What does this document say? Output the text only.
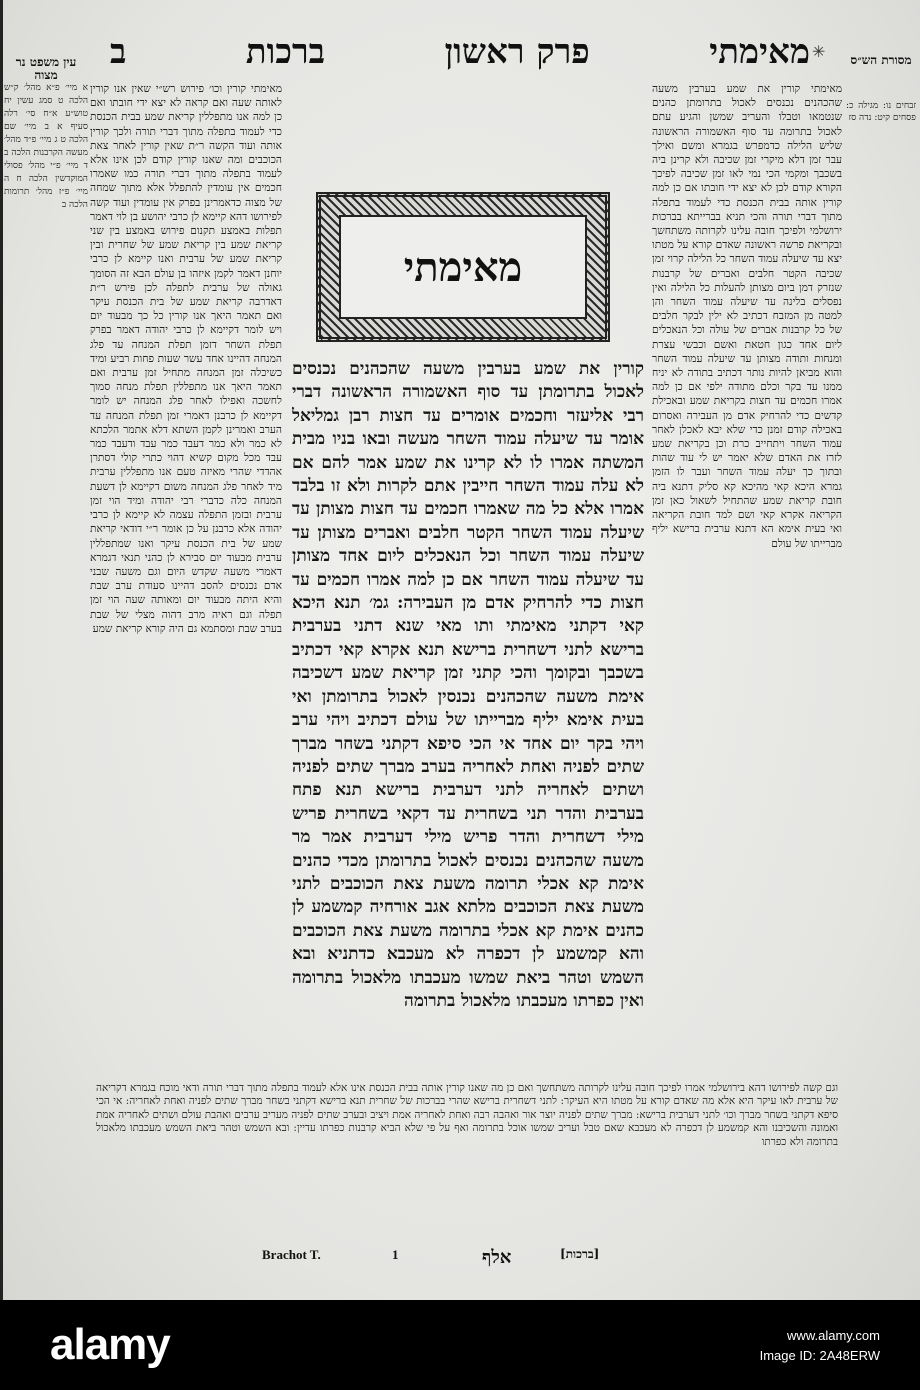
✳
מאימתי
פרק ראשון
ברכות
ב	מסורת הש״ס
עין משפט נר מצוה
זבחים נו: מגילה כ: פסחים קיט: נדה סז
מאימתי קורין את שמע בערבין משעה שהכהנים נכנסים לאכול בתרומתן כהנים שנטמאו וטבלו והעריב שמשן והגיע עתם לאכול בתרומה עד סוף האשמורה הראשונה שליש הלילה כדמפרש בגמרא ומשם ואילך עבר זמן דלא מיקרי זמן שכיבה ולא קרינן ביה בשכבך ומקמי הכי נמי לאו זמן שכיבה לפיכך הקורא קודם לכן לא יצא ידי חובתו אם כן למה קורין אותה בבית הכנסת כדי לעמוד בתפלה מתוך דברי תורה והכי תניא בברייתא בברכות ירושלמי ולפיכך חובה עלינו לקרותה משתחשך ובקריאת פרשה ראשונה שאדם קורא על מטתו יצא עד שיעלה עמוד השחר כל הלילה קרוי זמן שכיבה הקטר חלבים ואברים של קרבנות שנזרק דמן ביום מצותן להעלות כל הלילה ואין נפסלים בלינה עד שיעלה עמוד השחר והן למטה מן המזבח דכתיב לא ילין לבקר חלבים של כל קרבנות אברים של עולה וכל הנאכלים ליום אחד כגון חטאת ואשם וכבשי עצרת ומנחות ותודה מצותן עד שיעלה עמוד השחר והוא מביאן להיות נותר דכתיב בתודה לא יניח ממנו עד בקר וכלם מתודה ילפי אם כן למה אמרו חכמים עד חצות בקריאת שמע ובאכילת קדשים כדי להרחיק אדם מן העבירה ואסרום באכילה קודם זמנן כדי שלא יבא לאכלן לאחר עמוד השחר ויתחייב כרת וכן בקריאת שמע לזרז את האדם שלא יאמר יש לי עוד שהות ובתוך כך יעלה עמוד השחר ועבר לו הזמן גמרא היכא קאי מהיכא קא סליק דתנא ביה חובת קריאת שמע שהתחיל לשאול כאן זמן הקריאה אקרא קאי ושם למד חובת הקריאה ואי בעית אימא הא דתנא ערבית ברישא יליף מברייתו של עולם
מאימתי קורין וכו׳ פירוש רש״י שאין אנו קורין לאותה שעה ואם קראה לא יצא ידי חובתו ואם כן למה אנו מתפללין קריאת שמע בבית הכנסת כדי לעמוד בתפלה מתוך דברי תורה ולכך קורין אותה ועוד הקשה ר״ת שאין קורין לאחר צאת הכוכבים ומה שאנו קורין קודם לכן אינו אלא לעמוד בתפלה מתוך דברי תורה כמו שאמרו חכמים אין עומדין להתפלל אלא מתוך שמחה של מצוה כדאמרינן בפרק אין עומדין ועוד קשה לפירושו דהא קיימא לן כרבי יהושע בן לוי דאמר תפלות באמצע תקנום פירוש באמצע בין שני קריאת שמע בין קריאת שמע של שחרית ובין קריאת שמע של ערבית ואנו קיימא לן כרבי יוחנן דאמר לקמן איזהו בן עולם הבא זה הסומך גאולה של ערבית לתפלה לכן פירש ר״ת דאדרבה קריאת שמע של בית הכנסת עיקר ואם תאמר היאך אנו קורין כל כך מבעוד יום ויש לומר דקיימא לן כרבי יהודה דאמר בפרק תפלת השחר דזמן תפלת המנחה עד פלג המנחה דהיינו אחד עשר שעות פחות רביע ומיד כשיכלה זמן המנחה מתחיל זמן ערבית ואם תאמר היאך אנו מתפללין תפלת מנחה סמוך לחשכה ואפילו לאחר פלג המנחה יש לומר דקיימא לן כרבנן דאמרי זמן תפלת המנחה עד הערב ואמרינן לקמן השתא דלא אתמר הלכתא לא כמר ולא כמר דעבד כמר עבד ודעבד כמר עבד מכל מקום קשיא דהוי כתרי קולי דסתרן אהדדי שהרי מאיזה טעם אנו מתפללין ערבית מיד לאחר פלג המנחה משום דקיימא לן דשעת המנחה כלה כדברי רבי יהודה ומיד הוי זמן ערבית ובזמן התפלה עצמה לא קיימא לן כרבי יהודה אלא כרבנן על כן אומר ר״י דודאי קריאת שמע של בית הכנסת עיקר ואנו שמתפללין ערבית מבעוד יום סבירא לן כהני תנאי דגמרא דאמרי משעה שקדש היום וגם משעה שבני אדם נכנסים להסב דהיינו סעודת ערב שבת והיא היתה מבעוד יום ומאותה שעה הוי זמן תפלה וגם ראיה מרב דהוה מצלי של שבת בערב שבת ומסתמא גם היה קורא קריאת שמע
א מיי׳ פ״א מהל׳ ק״ש הלכה ט סמג עשין יח טוש״ע א״ח סי׳ רלה סעיף א ב מיי׳ שם הלכה ט ג מיי׳ פ״ד מהל׳ מעשה הקרבנות הלכה ב ד מיי׳ פ״י מהל׳ פסולי המוקדשין הלכה ח ה מיי׳ פ״ז מהל׳ תרומות הלכה ב
מאימתי
קורין את שמע בערבין משעה שהכהנים נכנסים לאכול בתרומתן עד סוף האשמורה הראשונה דברי רבי אליעזר וחכמים אומרים עד חצות רבן גמליאל אומר עד שיעלה עמוד השחר מעשה ובאו בניו מבית המשתה אמרו לו לא קרינו את שמע אמר להם אם לא עלה עמוד השחר חייבין אתם לקרות ולא זו בלבד אמרו אלא כל מה שאמרו חכמים עד חצות מצותן עד שיעלה עמוד השחר הקטר חלבים ואברים מצותן עד שיעלה עמוד השחר וכל הנאכלים ליום אחד מצותן עד שיעלה עמוד השחר אם כן למה אמרו חכמים עד חצות כדי להרחיק אדם מן העבירה: גמ׳ תנא היכא קאי דקתני מאימתי ותו מאי שנא דתני בערבית ברישא לתני דשחרית ברישא תנא אקרא קאי דכתיב בשכבך ובקומך והכי קתני זמן קריאת שמע דשכיבה אימת משעה שהכהנים נכנסין לאכול בתרומתן ואי בעית אימא יליף מברייתו של עולם דכתיב ויהי ערב ויהי בקר יום אחד אי הכי סיפא דקתני בשחר מברך שתים לפניה ואחת לאחריה בערב מברך שתים לפניה ושתים לאחריה לתני דערבית ברישא תנא פתח בערבית והדר תני בשחרית עד דקאי בשחרית פריש מילי דשחרית והדר פריש מילי דערבית אמר מר משעה שהכהנים נכנסים לאכול בתרומתן מכדי כהנים אימת קא אכלי תרומה משעת צאת הכוכבים לתני משעת צאת הכוכבים מלתא אגב אורחיה קמשמע לן כהנים אימת קא אכלי בתרומה משעת צאת הכוכבים והא קמשמע לן דכפרה לא מעכבא כדתניא ובא השמש וטהר ביאת שמשו מעכבתו מלאכול בתרומה ואין כפרתו מעכבתו מלאכול בתרומה
וגם קשה לפירושו דהא בירושלמי אמרו לפיכך חובה עלינו לקרותה משתחשך ואם כן מה שאנו קורין אותה בבית הכנסת אינו אלא לעמוד בתפלה מתוך דברי תורה ודאי מוכח בגמרא דקריאה של ערבית לאו עיקר היא אלא מה שאדם קורא על מטתו היא העיקר: לתני דשחרית ברישא שהרי בברכות של שחרית תנא ברישא דקתני בשחר מברך שתים לפניה ואחת לאחריה: אי הכי סיפא דקתני בשחר מברך וכו׳ לתני דערבית ברישא: מברך שתים לפניה יוצר אור ואהבה רבה ואחת לאחריה אמת ויציב ובערב שתים לפניה מעריב ערבים ואהבת עולם ושתים לאחריה אמת ואמונה והשכיבנו והא קמשמע לן דכפרה לא מעכבא שאם טבל ועריב שמשו אוכל בתרומה ואף על פי שלא הביא קרבנות כפרתו עדיין: ובא השמש וטהר ביאת השמש מעכבתו מלאכול בתרומה ולא כפרתו
Brachot T.	1	אלף	[ברכות]
a lamy	www.alamy.com
Image ID: 2A48ERW
